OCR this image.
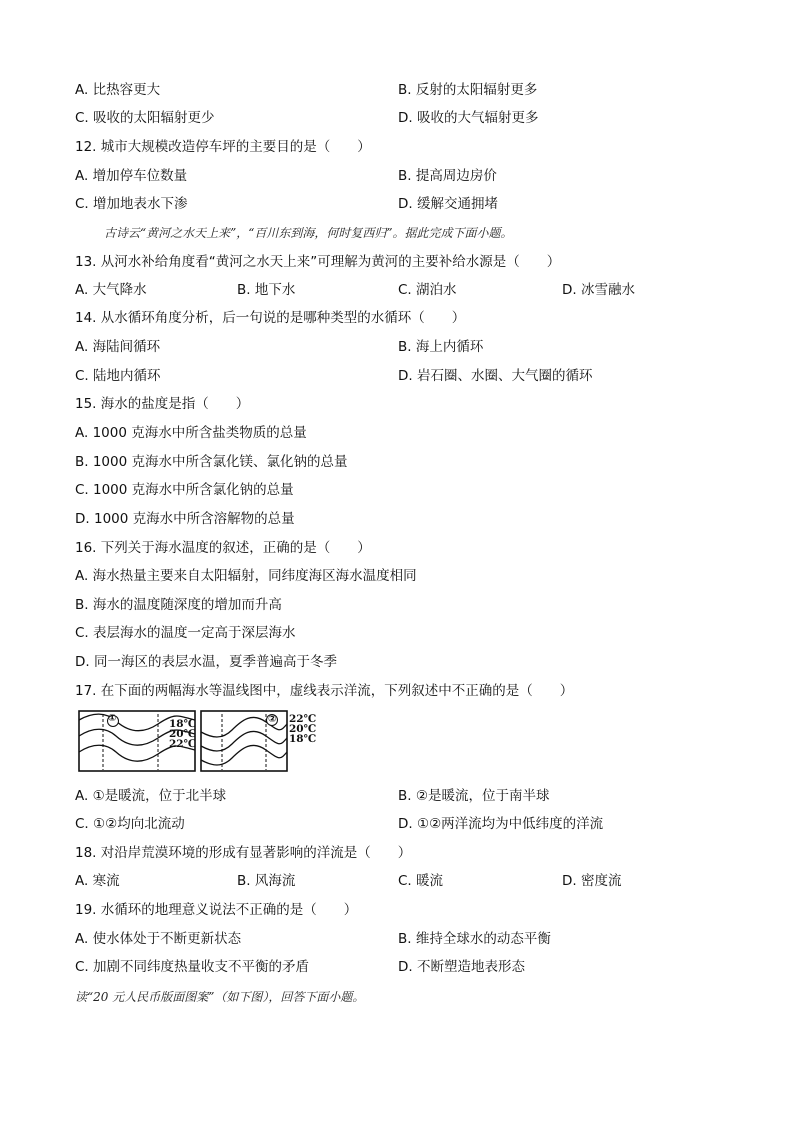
A. 比热容更大	B. 反射的太阳辐射更多
C. 吸收的太阳辐射更少	D. 吸收的大气辐射更多
12. 城市大规模改造停车坪的主要目的是（　　）
A. 增加停车位数量	B. 提高周边房价
C. 增加地表水下渗	D. 缓解交通拥堵
古诗云“黄河之水天上来”，“百川东到海，何时复西归”。据此完成下面小题。
13. 从河水补给角度看“黄河之水天上来”可理解为黄河的主要补给水源是（　　）
A. 大气降水	B. 地下水	C. 湖泊水	D. 冰雪融水
14. 从水循环角度分析，后一句说的是哪种类型的水循环（　　）
A. 海陆间循环	B. 海上内循环
C. 陆地内循环	D. 岩石圈、水圈、大气圈的循环
15. 海水的盐度是指（　　）
A. 1000 克海水中所含盐类物质的总量
B. 1000 克海水中所含氯化镁、氯化钠的总量
C. 1000 克海水中所含氯化钠的总量
D. 1000 克海水中所含溶解物的总量
16. 下列关于海水温度的叙述，正确的是（　　）
A. 海水热量主要来自太阳辐射，同纬度海区海水温度相同
B. 海水的温度随深度的增加而升高
C. 表层海水的温度一定高于深层海水
D. 同一海区的表层水温，夏季普遍高于冬季
17. 在下面的两幅海水等温线图中，虚线表示洋流，下列叙述中不正确的是（　　）
①	18℃
20℃
22℃
② 22℃
20℃
18℃
A. ①是暖流，位于北半球	B. ②是暖流，位于南半球
C. ①②均向北流动	D. ①②两洋流均为中低纬度的洋流
18. 对沿岸荒漠环境的形成有显著影响的洋流是（　　）
A. 寒流	B. 风海流	C. 暖流	D. 密度流
19. 水循环的地理意义说法不正确的是（　　）
A. 使水体处于不断更新状态	B. 维持全球水的动态平衡
C. 加剧不同纬度热量收支不平衡的矛盾	D. 不断塑造地表形态
读“20 元人民币版面图案”（如下图），回答下面小题。
